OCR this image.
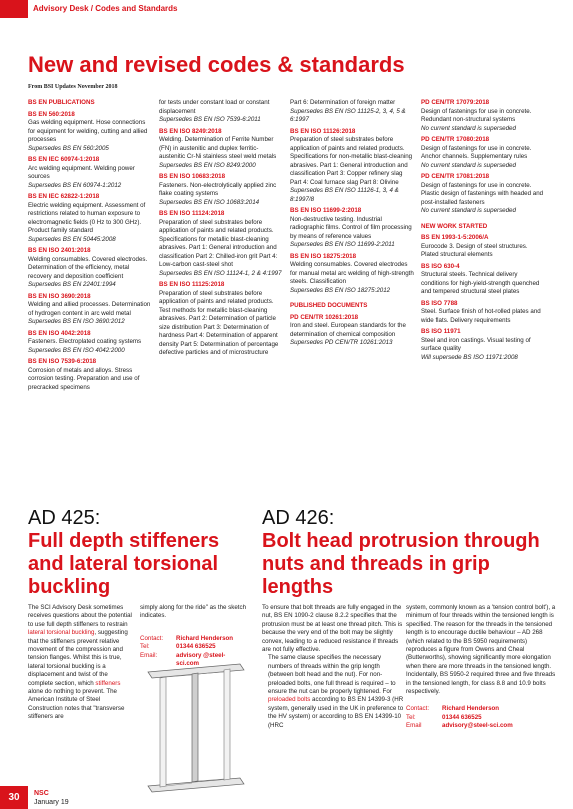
Advisory Desk / Codes and Standards
New and revised codes & standards
From BSI Updates November 2018
BS EN PUBLICATIONS
BS EN 560:2018
Gas welding equipment. Hose connections for equipment for welding, cutting and allied processes
Supersedes BS EN 560:2005
BS EN IEC 60974-1:2018
Arc welding equipment. Welding power sources
Supersedes BS EN 60974-1:2012
BS EN IEC 62822-1:2018
Electric welding equipment. Assessment of restrictions related to human exposure to electromagnetic fields (0 Hz to 300 GHz). Product family standard
Supersedes BS EN 50445:2008
BS EN ISO 2401:2018
Welding consumables. Covered electrodes. Determination of the efficiency, metal recovery and deposition coefficient
Supersedes BS EN 22401:1994
BS EN ISO 3690:2018
Welding and allied processes. Determination of hydrogen content in arc weld metal
Supersedes BS EN ISO 3690:2012
BS EN ISO 4042:2018
Fasteners. Electroplated coating systems
Supersedes BS EN ISO 4042:2000
BS EN ISO 7539-6:2018
Corrosion of metals and alloys. Stress corrosion testing. Preparation and use of precracked specimens
for tests under constant load or constant displacement
Supersedes BS EN ISO 7539-6:2011
BS EN ISO 8249:2018
Welding. Determination of Ferrite Number (FN) in austenitic and duplex ferritic-austenitic Cr-Ni stainless steel weld metals
Supersedes BS EN ISO 8249:2000
BS EN ISO 10683:2018
Fasteners. Non-electrolytically applied zinc flake coating systems
Supersedes BS EN ISO 10683:2014
BS EN ISO 11124:2018
Preparation of steel substrates before application of paints and related products. Specifications for metallic blast-cleaning abrasives. Part 1: General introduction and classification Part 2: Chilled-iron grit Part 4: Low-carbon cast-steel shot
Supersedes BS EN ISO 11124-1, 2 & 4:1997
BS EN ISO 11125:2018
Preparation of steel substrates before application of paints and related products. Test methods for metallic blast-cleaning abrasives. Part 2: Determination of particle size distribution Part 3: Determination of hardness Part 4: Determination of apparent density Part 5: Determination of percentage defective particles and of microstructure
Part 6: Determination of foreign matter
Supersedes BS EN ISO 11125-2, 3, 4, 5 & 6:1997
BS EN ISO 11126:2018
Preparation of steel substrates before application of paints and related products. Specifications for non-metallic blast-cleaning abrasives. Part 1: General introduction and classification Part 3: Copper refinery slag Part 4: Coal furnace slag Part 8: Olivine
Supersedes BS EN ISO 11126-1, 3, 4 & 8:1997/8
BS EN ISO 11699-2:2018
Non-destructive testing. Industrial radiographic films. Control of film processing by means of reference values
Supersedes BS EN ISO 11699-2:2011
BS EN ISO 18275:2018
Welding consumables. Covered electrodes for manual metal arc welding of high-strength steels. Classification
Supersedes BS EN ISO 18275:2012
PUBLISHED DOCUMENTS
PD CEN/TR 10261:2018
Iron and steel. European standards for the determination of chemical composition
Supersedes PD CEN/TR 10261:2013
PD CEN/TR 17079:2018
Design of fastenings for use in concrete. Redundant non-structural systems
No current standard is superseded
PD CEN/TR 17080:2018
Design of fastenings for use in concrete. Anchor channels. Supplementary rules
No current standard is superseded
PD CEN/TR 17081:2018
Design of fastenings for use in concrete. Plastic design of fastenings with headed and post-installed fasteners
No current standard is superseded
NEW WORK STARTED
BS EN 1993-1-5:2006/A
Eurocode 3. Design of steel structures. Plated structural elements
BS ISO 630-4
Structural steels. Technical delivery conditions for high-yield-strength quenched and tempered structural steel plates
BS ISO 7788
Steel. Surface finish of hot-rolled plates and wide flats. Delivery requirements
BS ISO 11971
Steel and iron castings. Visual testing of surface quality
Will supersede BS ISO 11971:2008
AD 425:
Full depth stiffeners and lateral torsional buckling
The SCI Advisory Desk sometimes receives questions about the potential to use full depth stiffeners to restrain lateral torsional buckling, suggesting that the stiffeners prevent relative movement of the compression and tension flanges. Whilst this is true, lateral torsional buckling is a displacement and twist of the complete section, which stiffeners alone do nothing to prevent. The American Institute of Steel Construction notes that "transverse stiffeners are
simply along for the ride" as the sketch indicates.
Contact:	Richard Henderson
Tel:	01344 636525
Email:	advisory @steel-sci.com
AD 426:
Bolt head protrusion through nuts and threads in grip lengths
To ensure that bolt threads are fully engaged in the nut, BS EN 1090-2 clause 8.2.2 specifies that the protrusion must be at least one thread pitch. This is because the very end of the bolt may be slightly convex, leading to a reduced resistance if threads are not fully effective.
The same clause specifies the necessary numbers of threads within the grip length (between bolt head and the nut). For non-preloaded bolts, one full thread is required – to ensure the nut can be properly tightened. For preloaded bolts according to BS EN 14399-3 (HR system, generally used in the UK in preference to the HV system) or according to BS EN 14399-10 (HRC
system, commonly known as a 'tension control bolt'), a minimum of four threads within the tensioned length is specified. The reason for the threads in the tensioned length is to encourage ductile behaviour – AD 268 (which related to the BS 5950 requirements) reproduces a figure from Owens and Cheal (Butterworths), showing significantly more elongation when there are more threads in the tensioned length. Incidentally, BS 5950-2 required three and five threads in the tensioned length, for class 8.8 and 10.9 bolts respectively.
Contact:	Richard Henderson
Tel:	01344 636525
Email	advisory@steel-sci.com
30	NSC
January 19
